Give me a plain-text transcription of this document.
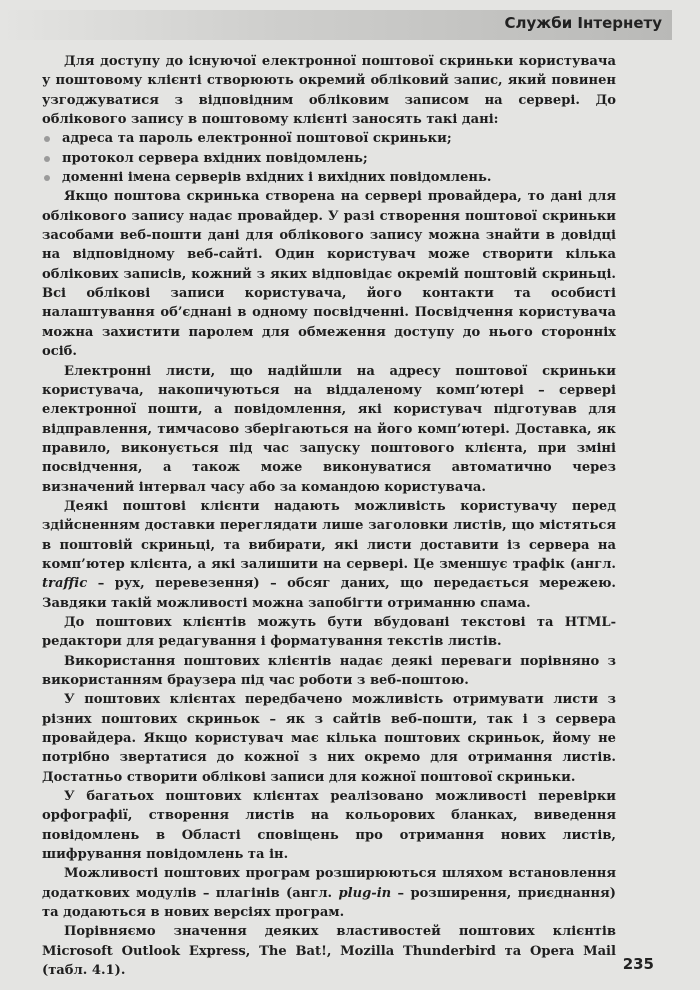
Служби Інтернету

Для доступу до існуючої електронної поштової скриньки користувача у поштовому клієнті створюють окремий обліковий запис, який повинен узгоджуватися з відповідним обліковим записом на сервері. До облікового запису в поштовому клієнті заносять такі дані:

адреса та пароль електронної поштової скриньки;
протокол сервера вхідних повідомлень;
доменні імена серверів вхідних і вихідних повідомлень.

Якщо поштова скринька створена на сервері провайдера, то дані для облікового запису надає провайдер. У разі створення поштової скриньки засобами веб-пошти дані для облікового запису можна знайти в довідці на відповідному веб-сайті. Один користувач може створити кілька облікових записів, кожний з яких відповідає окремій поштовій скриньці. Всі облікові записи користувача, його контакти та особисті налаштування об’єднані в одному посвідченні. Посвідчення користувача можна захистити паролем для обмеження доступу до нього сторонніх осіб.

Електронні листи, що надійшли на адресу поштової скриньки користувача, накопичуються на віддаленому комп’ютері – сервері електронної пошти, а повідомлення, які користувач підготував для відправлення, тимчасово зберігаються на його комп’ютері. Доставка, як правило, виконується під час запуску поштового клієнта, при зміні посвідчення, а також може виконуватися автоматично через визначений інтервал часу або за командою користувача.

Деякі поштові клієнти надають можливість користувачу перед здійсненням доставки переглядати лише заголовки листів, що містяться в поштовій скриньці, та вибирати, які листи доставити із сервера на комп’ютер клієнта, а які залишити на сервері. Це зменшує трафік (англ. traffic – рух, перевезення) – обсяг даних, що передається мережею. Завдяки такій можливості можна запобігти отриманню спама.

До поштових клієнтів можуть бути вбудовані текстові та HTML-редактори для редагування і форматування текстів листів.

Використання поштових клієнтів надає деякі переваги порівняно з використанням браузера під час роботи з веб-поштою.

У поштових клієнтах передбачено можливість отримувати листи з різних поштових скриньок – як з сайтів веб-пошти, так і з сервера провайдера. Якщо користувач має кілька поштових скриньок, йому не потрібно звертатися до кожної з них окремо для отримання листів. Достатньо створити облікові записи для кожної поштової скриньки.

У багатьох поштових клієнтах реалізовано можливості перевірки орфографії, створення листів на кольорових бланках, виведення повідомлень в Області сповіщень про отримання нових листів, шифрування повідомлень та ін.

Можливості поштових програм розширюються шляхом встановлення додаткових модулів – плагінів (англ. plug-in – розширення, приєднання) та додаються в нових версіях програм.

Порівняємо значення деяких властивостей поштових клієнтів Microsoft Outlook Express, The Bat!, Mozilla Thunderbird та Opera Mail (табл. 4.1).	235
